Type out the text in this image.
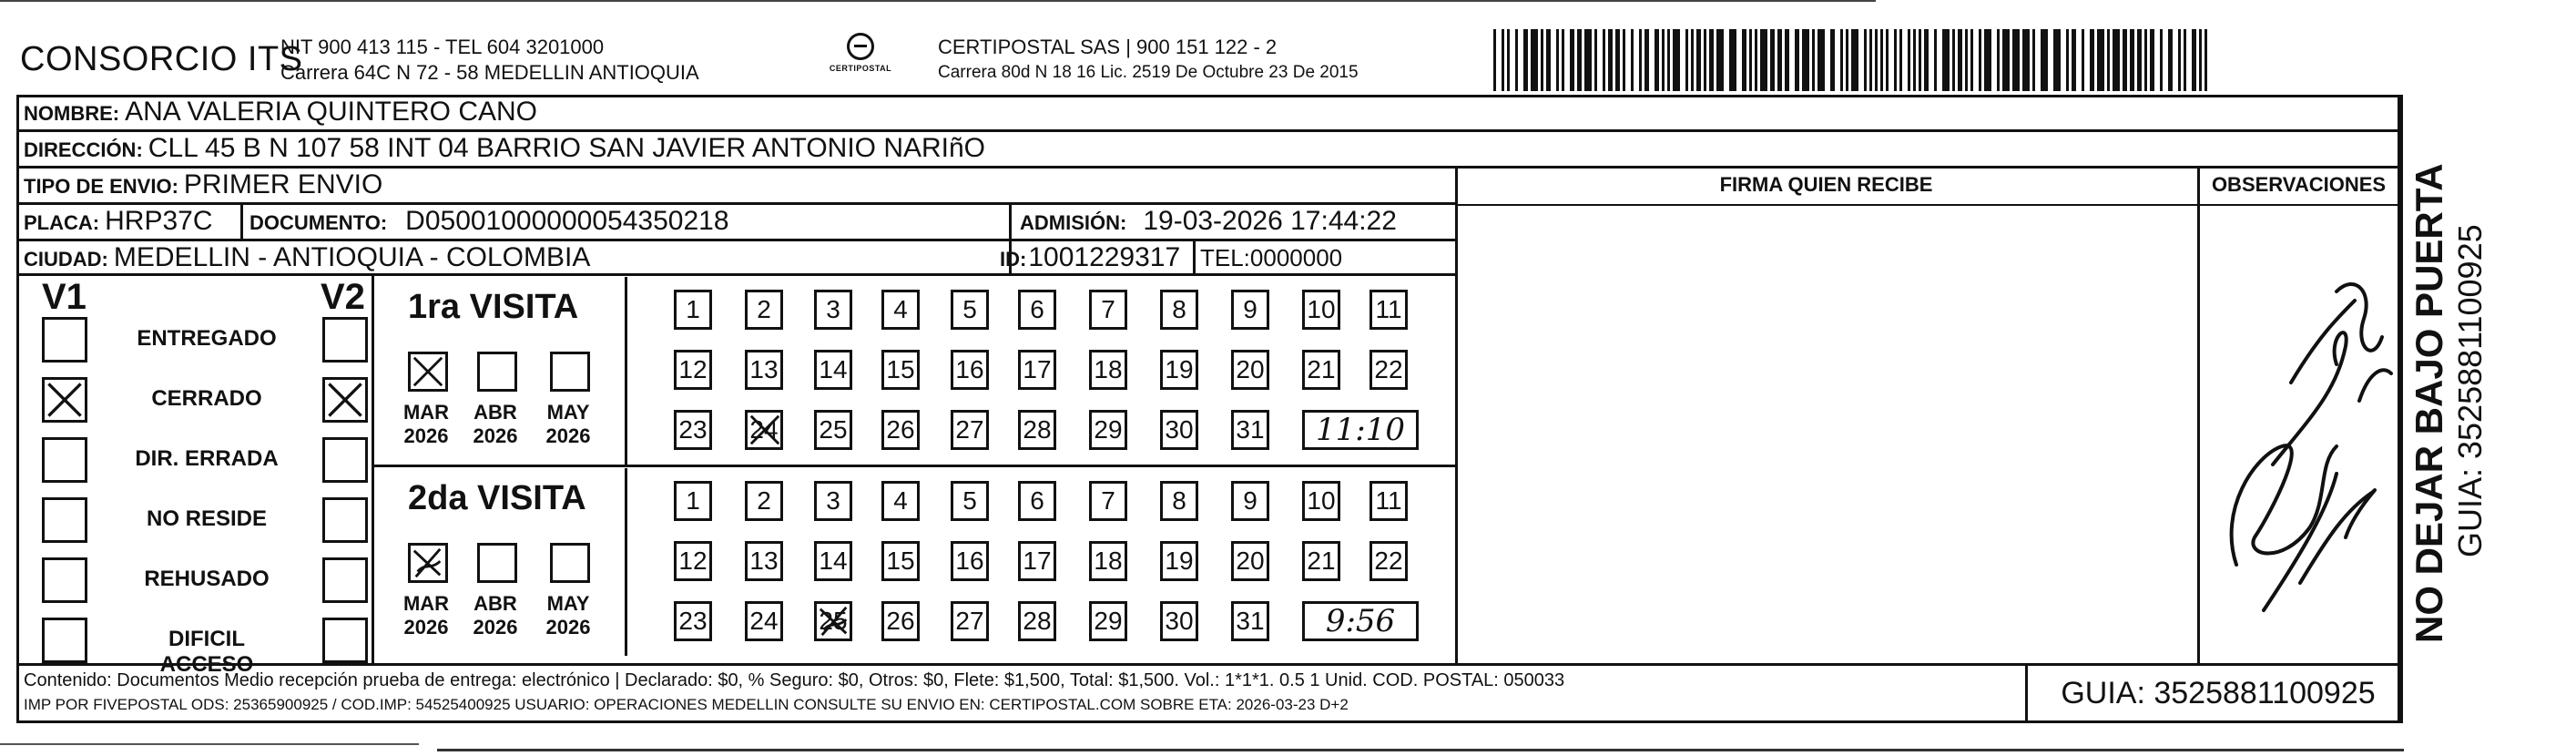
CONSORCIO ITS
NIT 900 413 115 - TEL 604 3201000
Carrera 64C N 72 - 58 MEDELLIN ANTIOQUIA	CERTIPOSTAL
CERTIPOSTAL SAS | 900 151 122 - 2
Carrera 80d N 18 16 Lic. 2519 De Octubre 23 De 2015
NOMBRE: ANA VALERIA QUINTERO CANO
DIRECCIÓN: CLL 45 B N 107 58 INT 04 BARRIO SAN JAVIER ANTONIO NARIñO
TIPO DE ENVIO: PRIMER ENVIO	FIRMA QUIEN RECIBE	OBSERVACIONES
PLACA: HRP37C DOCUMENTO: D05001000000054350218	ADMISIÓN: 19-03-2026 17:44:22
CIUDAD: MEDELLIN - ANTIOQUIA - COLOMBIA	ID: 1001229317 TEL: 0000000
V1	V2
ENTREGADO
CERRADO
DIR. ERRADA
NO RESIDE
REHUSADO
DIFICIL ACCESO
1ra VISITA
MAR
2026
ABR
2026
MAY
2026
1 2 3 4 5 6 7 8 9 10 11
12 13 14 15 16 17 18 19 20 21 22
23 24 25 26 27 28 29 30 31 11:10
2da VISITA
MAR
2026
ABR
2026
MAY
2026
1 2 3 4 5 6 7 8 9 10 11
12 13 14 15 16 17 18 19 20 21 22
23 24 25 26 27 28 29 30 31 9:56
Contenido: Documentos Medio recepción prueba de entrega: electrónico | Declarado: $0, % Seguro: $0, Otros: $0, Flete: $1,500, Total: $1,500. Vol.: 1*1*1. 0.5 1 Unid. COD. POSTAL: 050033
IMP POR FIVEPOSTAL ODS: 25365900925 / COD.IMP: 54525400925 USUARIO: OPERACIONES MEDELLIN CONSULTE SU ENVIO EN: CERTIPOSTAL.COM SOBRE ETA: 2026-03-23 D+2	GUIA: 3525881100925
NO DEJAR BAJO PUERTA GUIA: 3525881100925
